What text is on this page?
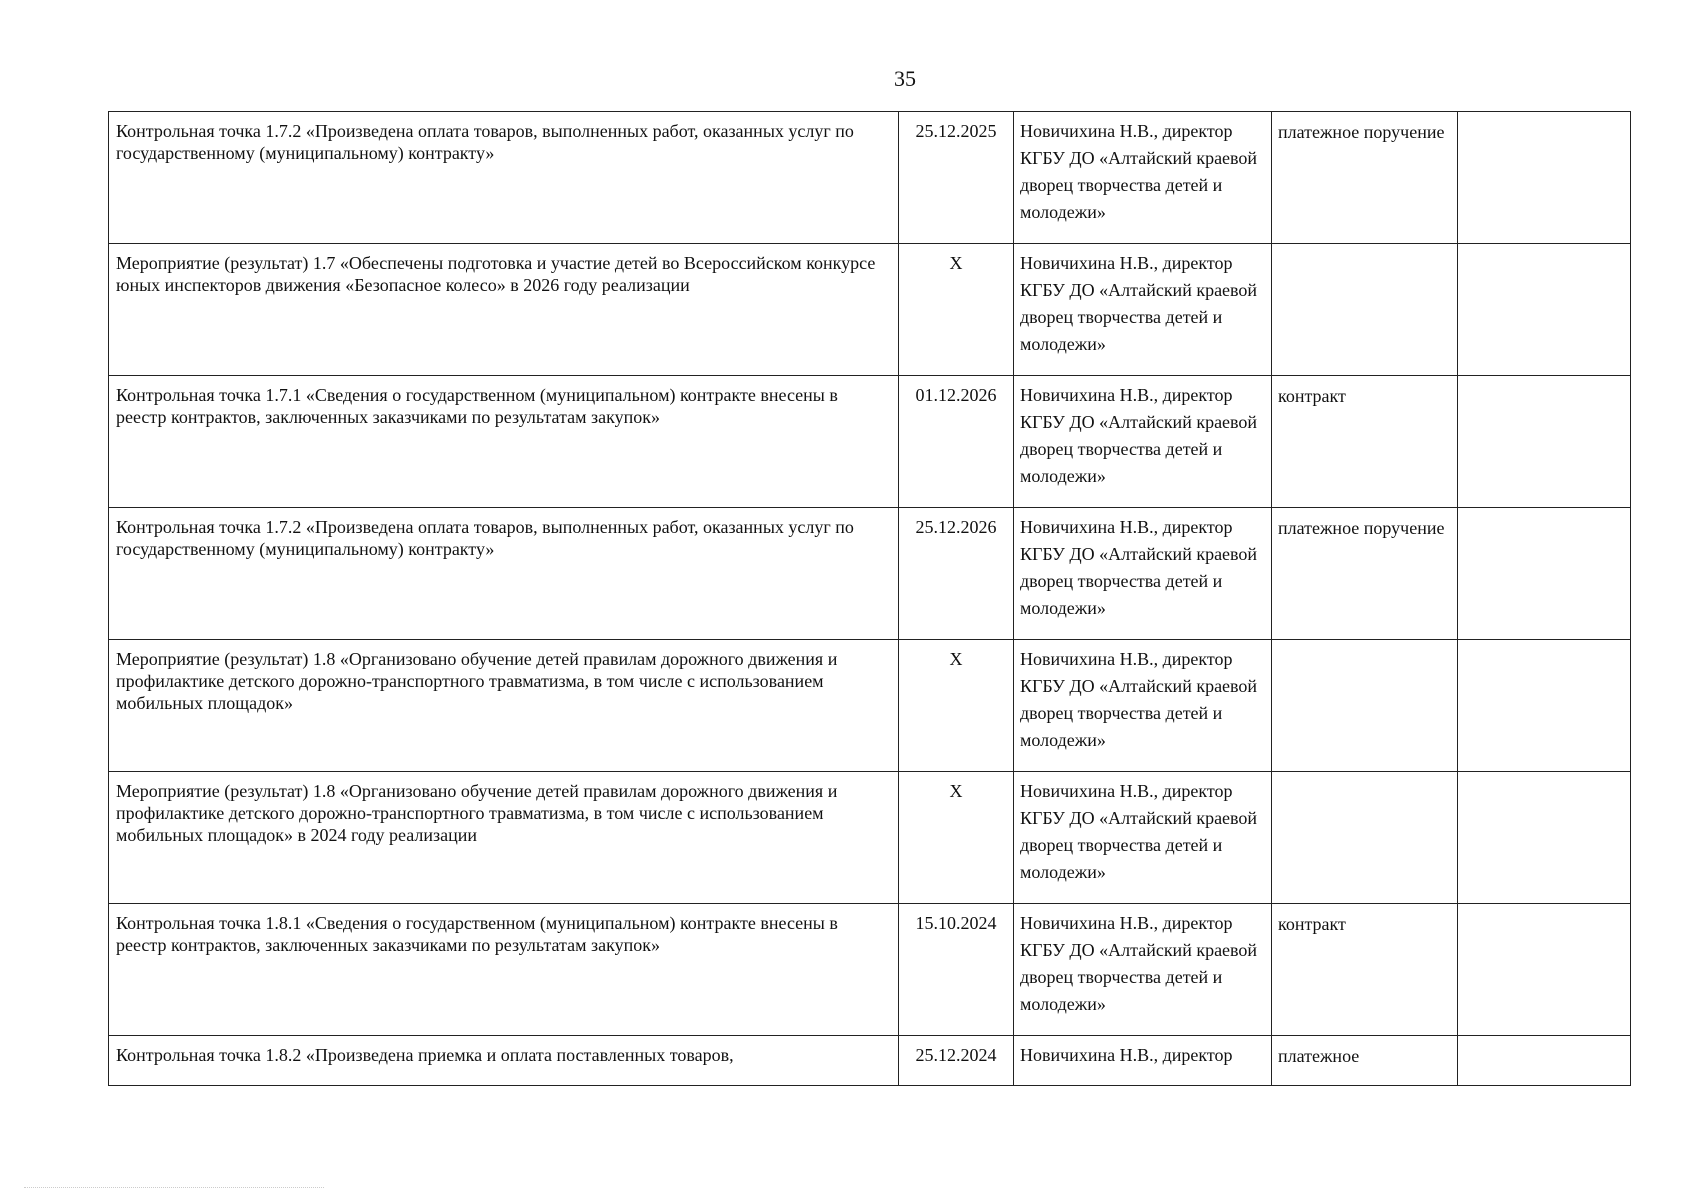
35
Контрольная точка 1.7.2 «Произведена оплата товаров, выполненных работ, оказанных услуг по государственному (муниципальному) контракту»	25.12.2025	Новичихина Н.В., директор КГБУ ДО «Алтайский краевой дворец творчества детей и молодежи»	платежное поручение	
Мероприятие (результат) 1.7 «Обеспечены подготовка и участие детей во Всероссийском конкурсе юных инспекторов движения «Безопасное колесо» в 2026 году реализации	X	Новичихина Н.В., директор КГБУ ДО «Алтайский краевой дворец творчества детей и молодежи»		
Контрольная точка 1.7.1 «Сведения о государственном (муниципальном) контракте внесены в реестр контрактов, заключенных заказчиками по результатам закупок»	01.12.2026	Новичихина Н.В., директор КГБУ ДО «Алтайский краевой дворец творчества детей и молодежи»	контракт	
Контрольная точка 1.7.2 «Произведена оплата товаров, выполненных работ, оказанных услуг по государственному (муниципальному) контракту»	25.12.2026	Новичихина Н.В., директор КГБУ ДО «Алтайский краевой дворец творчества детей и молодежи»	платежное поручение	
Мероприятие (результат) 1.8 «Организовано обучение детей правилам дорожного движения и профилактике детского дорожно-транспортного травматизма, в том числе с использованием мобильных площадок»	X	Новичихина Н.В., директор КГБУ ДО «Алтайский краевой дворец творчества детей и молодежи»		
Мероприятие (результат) 1.8 «Организовано обучение детей правилам дорожного движения и профилактике детского дорожно-транспортного травматизма, в том числе с использованием мобильных площадок» в 2024 году реализации	X	Новичихина Н.В., директор КГБУ ДО «Алтайский краевой дворец творчества детей и молодежи»		
Контрольная точка 1.8.1 «Сведения о государственном (муниципальном) контракте внесены в реестр контрактов, заключенных заказчиками по результатам закупок»	15.10.2024	Новичихина Н.В., директор КГБУ ДО «Алтайский краевой дворец творчества детей и молодежи»	контракт	
Контрольная точка 1.8.2 «Произведена приемка и оплата поставленных товаров,	25.12.2024	Новичихина Н.В., директор	платежное	
